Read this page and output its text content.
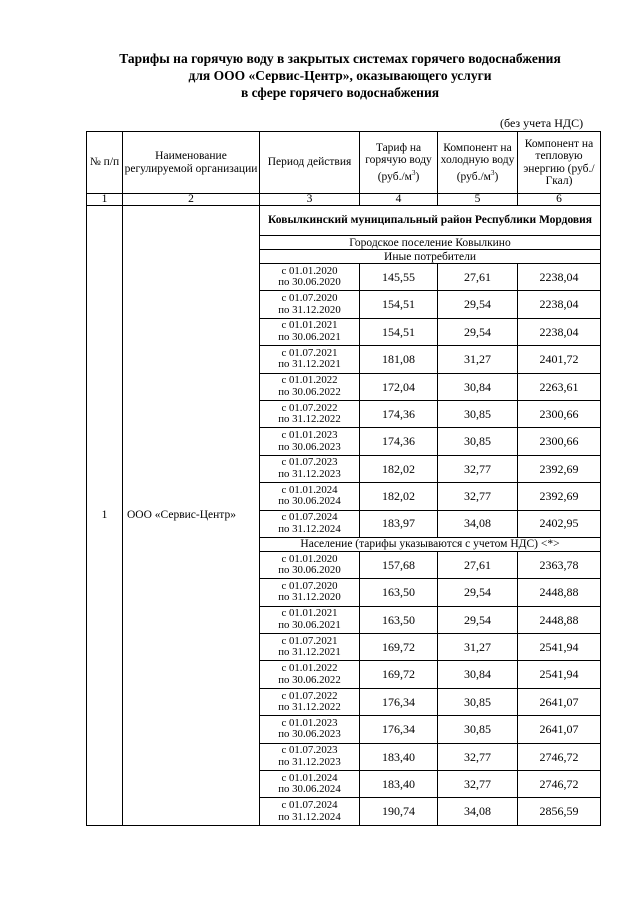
Тарифы на горячую воду в закрытых системах горячего водоснабжения
для ООО «Сервис-Центр», оказывающего услуги
в сфере горячего водоснабжения
(без учета НДС)
№ п/п	Наименование регулируемой организации	Период действия	Тариф на горячую воду $(руб./м^3)$	Компонент на холодную воду $(руб./м^3)$	Компонент на тепловую энергию (руб./Гкал)
1	2	3	4	5	6
1	ООО «Сервис-Центр»	Ковылкинский муниципальный район Республики Мордовия			
		Городское поселение Ковылкино			
		Иные потребители			

		с 01.01.2020
по 30.06.2020	145,55	27,61	2238,04

		с 01.07.2020
по 31.12.2020	154,51	29,54	2238,04

		с 01.01.2021
по 30.06.2021	154,51	29,54	2238,04

		с 01.07.2021
по 31.12.2021	181,08	31,27	2401,72

		с 01.01.2022
по 30.06.2022	172,04	30,84	2263,61

		с 01.07.2022
по 31.12.2022	174,36	30,85	2300,66

		с 01.01.2023
по 30.06.2023	174,36	30,85	2300,66

		с 01.07.2023
по 31.12.2023	182,02	32,77	2392,69

		с 01.01.2024
по 30.06.2024	182,02	32,77	2392,69

		с 01.07.2024
по 31.12.2024	183,97	34,08	2402,95
		Население (тарифы указываются с учетом НДС) <*>			

		с 01.01.2020
по 30.06.2020	157,68	27,61	2363,78

		с 01.07.2020
по 31.12.2020	163,50	29,54	2448,88

		с 01.01.2021
по 30.06.2021	163,50	29,54	2448,88

		с 01.07.2021
по 31.12.2021	169,72	31,27	2541,94

		с 01.01.2022
по 30.06.2022	169,72	30,84	2541,94

		с 01.07.2022
по 31.12.2022	176,34	30,85	2641,07

		с 01.01.2023
по 30.06.2023	176,34	30,85	2641,07

		с 01.07.2023
по 31.12.2023	183,40	32,77	2746,72

		с 01.01.2024
по 30.06.2024	183,40	32,77	2746,72

		с 01.07.2024
по 31.12.2024	190,74	34,08	2856,59
